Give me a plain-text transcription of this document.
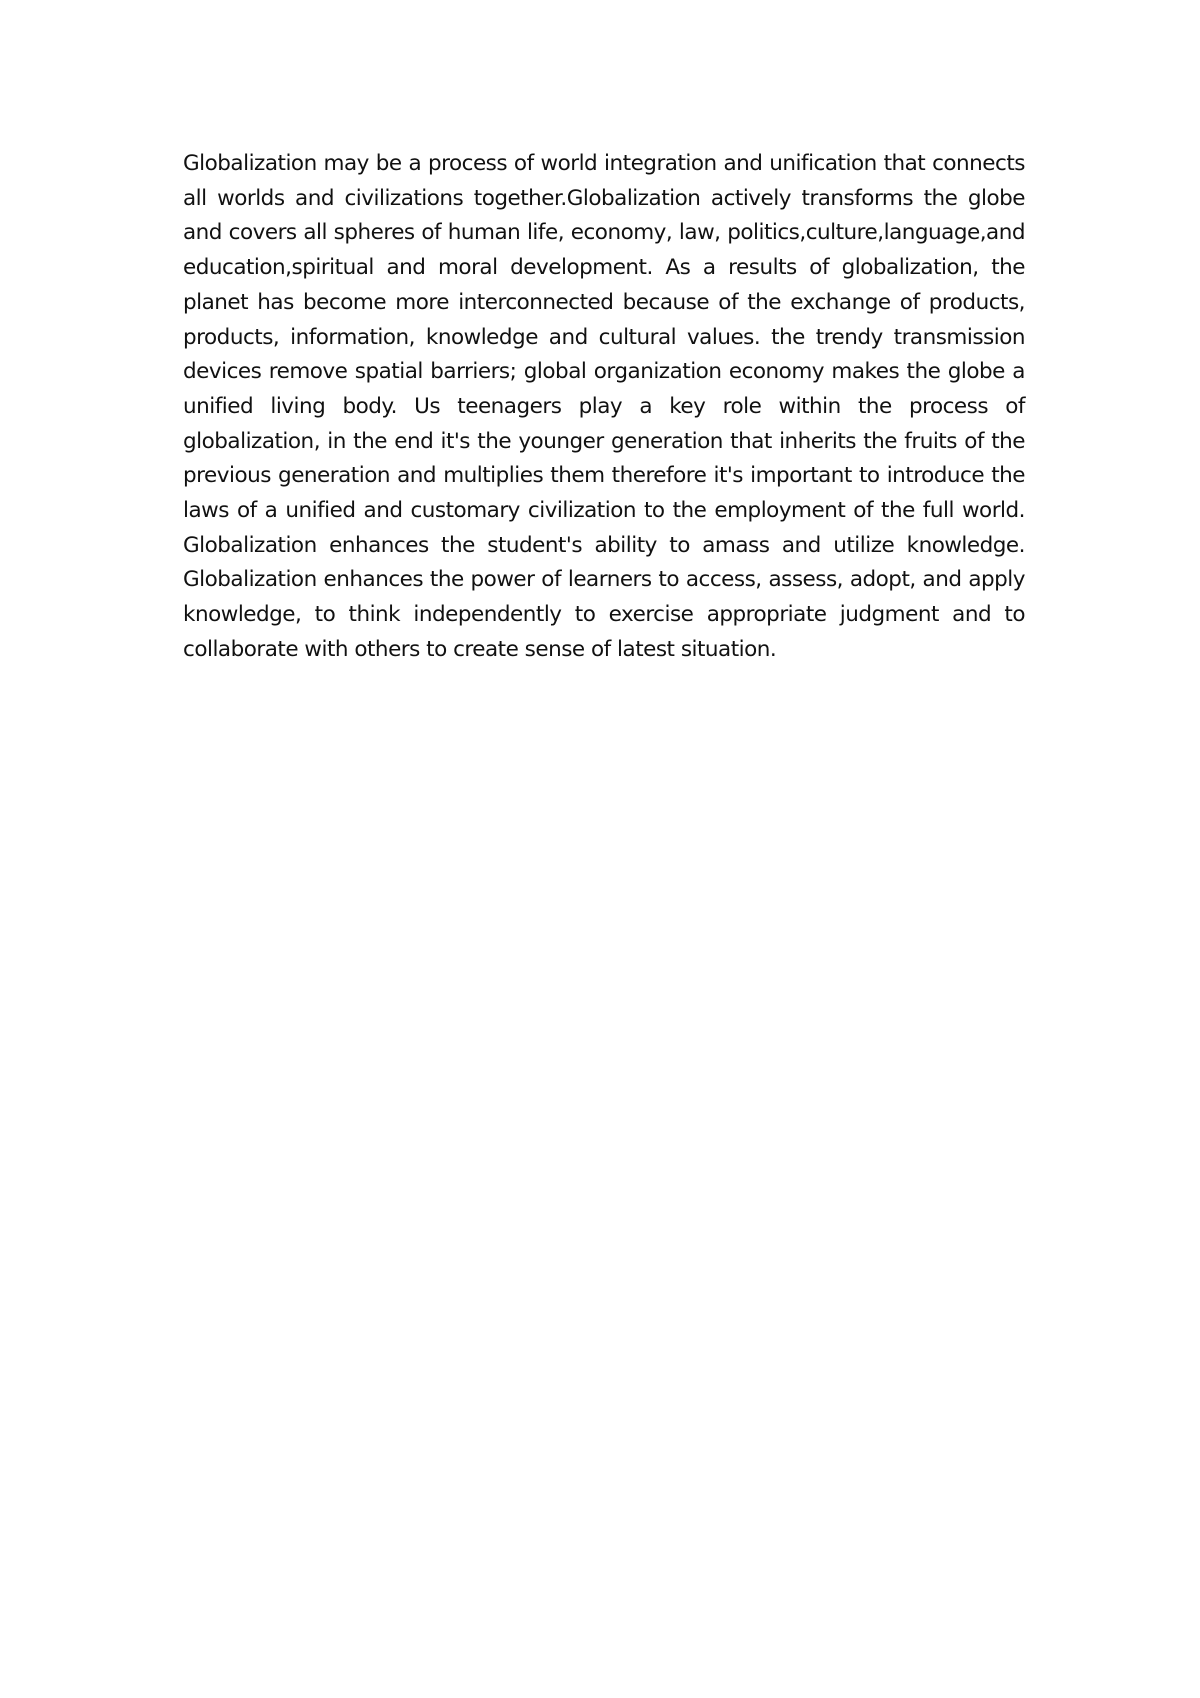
Globalization may be a process of world integration and unification that connects all worlds and civilizations together.Globalization actively transforms the globe and covers all spheres of human life, economy, law, politics,culture,language,and education,spiritual and moral development. As a results of globalization, the planet has become more interconnected because of the exchange of products, products, information, knowledge and cultural values. the trendy transmission devices remove spatial barriers; global organization economy makes the globe a unified living body. Us teenagers play a key role within the process of globalization, in the end it's the younger generation that inherits the fruits of the previous generation and multiplies them therefore it's important to introduce the laws of a unified and customary civilization to the employment of the full world. Globalization enhances the student's ability to amass and utilize knowledge. Globalization enhances the power of learners to access, assess, adopt, and apply knowledge, to think independently to exercise appropriate judgment and to collaborate with others to create sense of latest situation.
